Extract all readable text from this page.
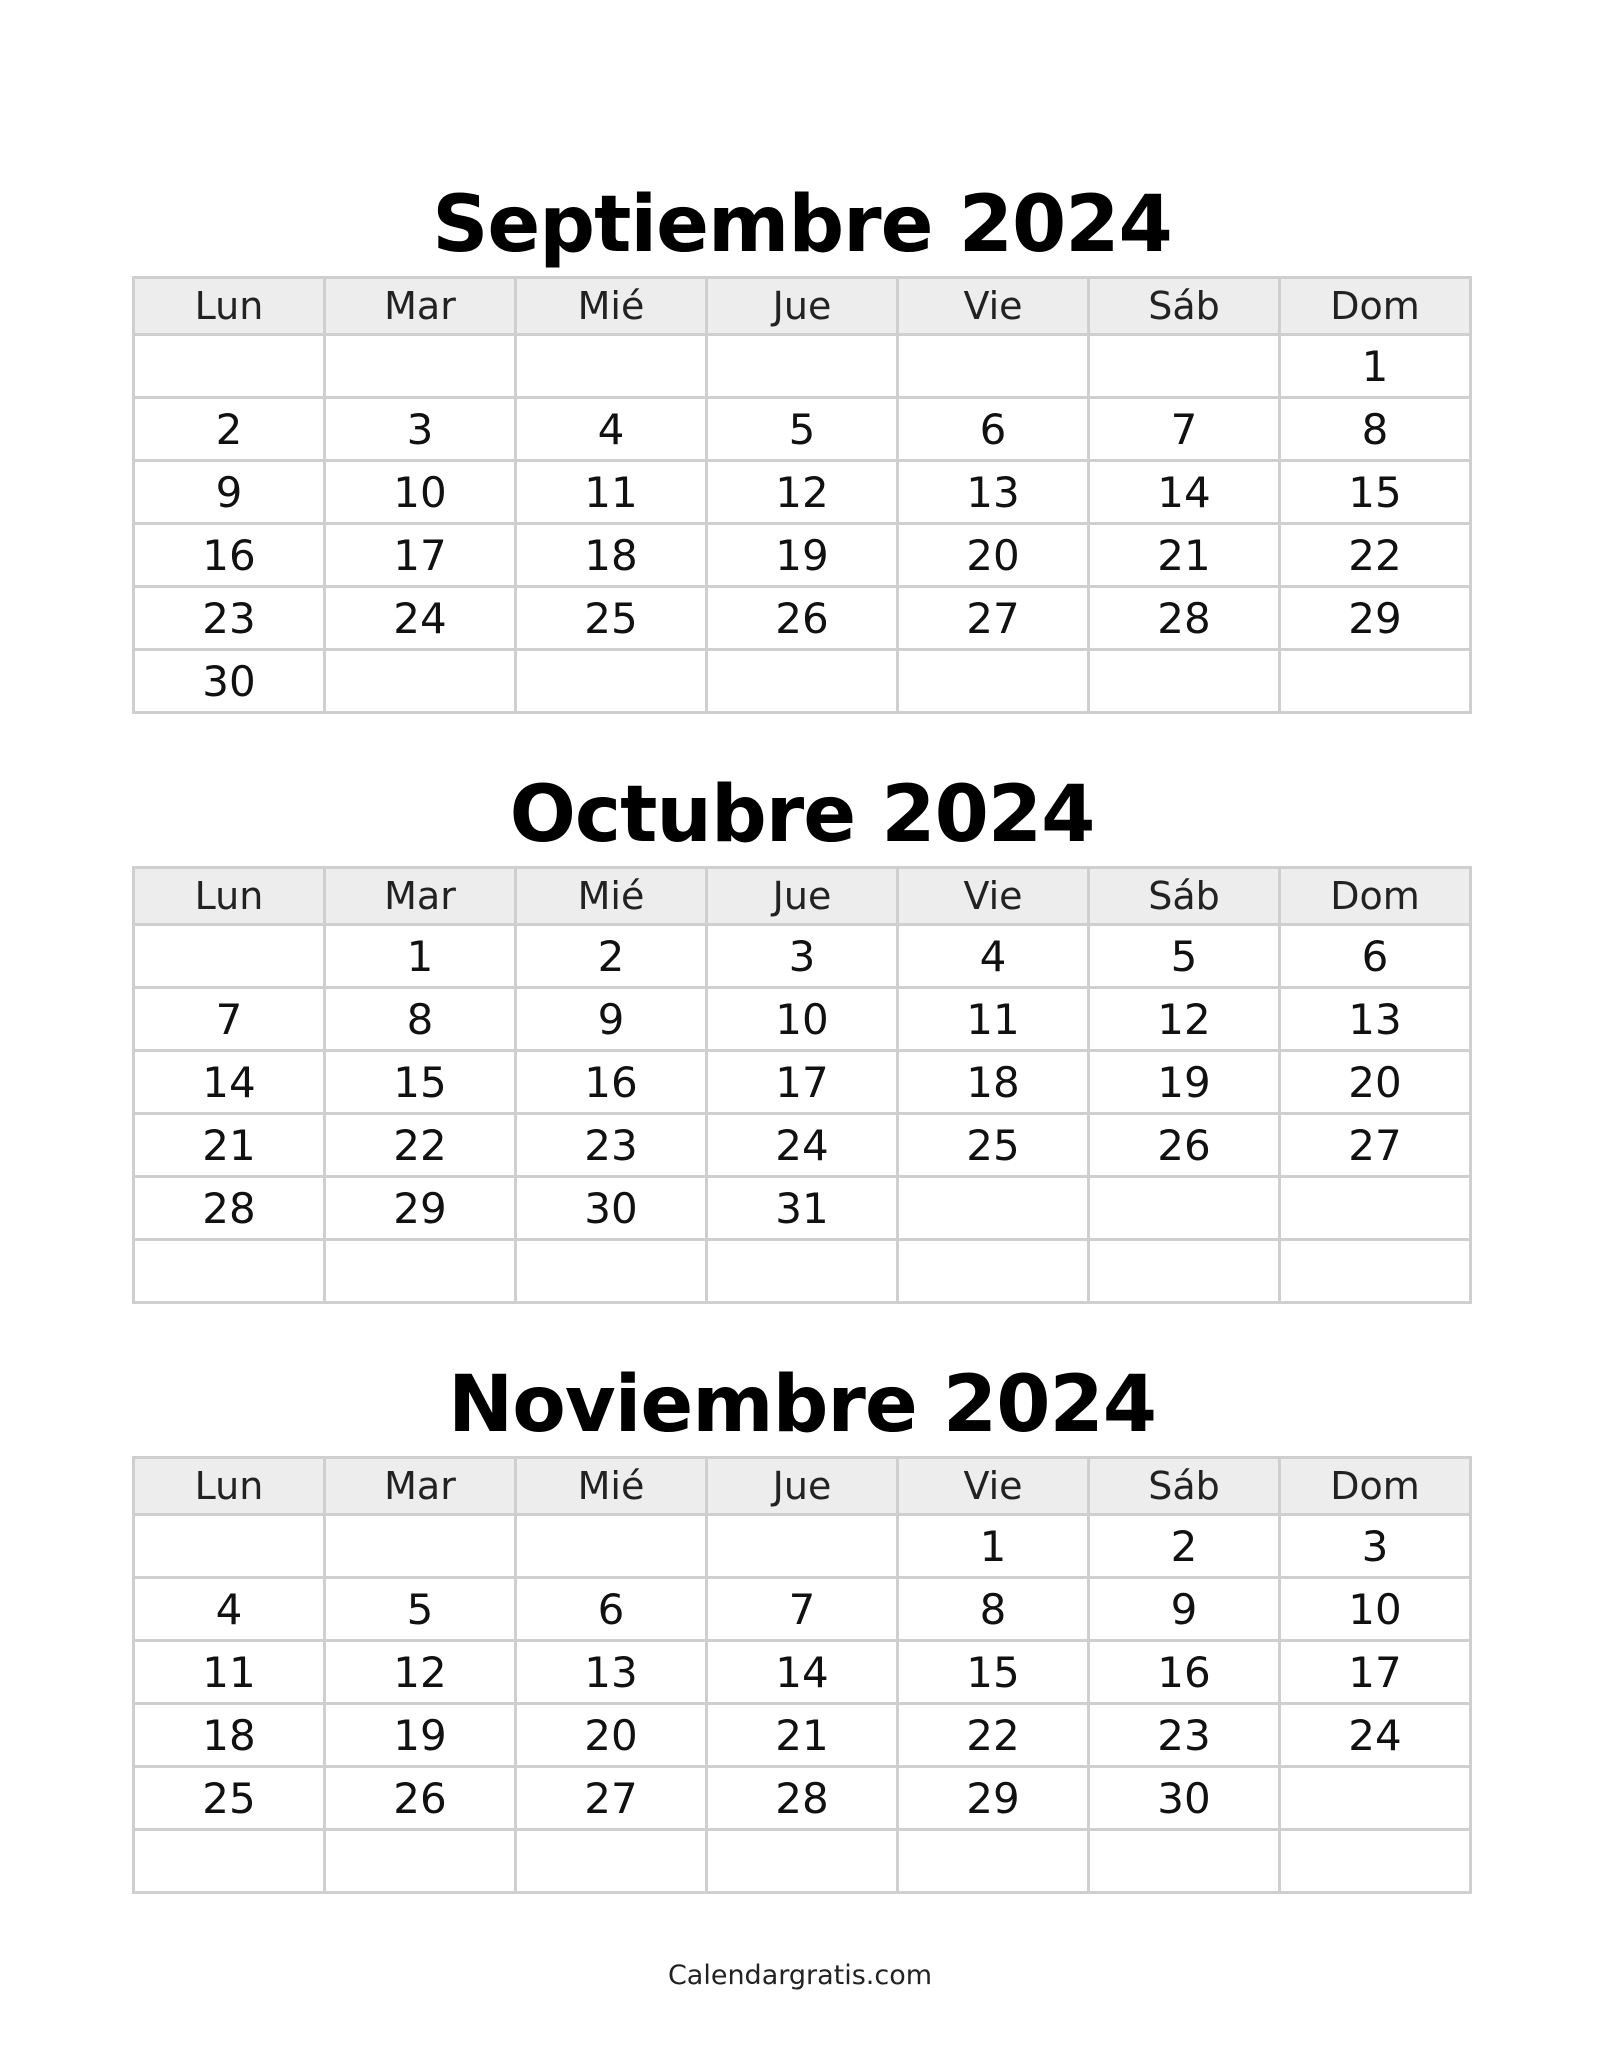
Septiembre 2024
Lun	Mar	Mié	Jue	Vie	Sáb	Dom
						1
2	3	4	5	6	7	8
9	10	11	12	13	14	15
16	17	18	19	20	21	22
23	24	25	26	27	28	29
30						
Octubre 2024
Lun	Mar	Mié	Jue	Vie	Sáb	Dom
	1	2	3	4	5	6
7	8	9	10	11	12	13
14	15	16	17	18	19	20
21	22	23	24	25	26	27
28	29	30	31			

Noviembre 2024
Lun	Mar	Mié	Jue	Vie	Sáb	Dom
				1	2	3
4	5	6	7	8	9	10
11	12	13	14	15	16	17
18	19	20	21	22	23	24
25	26	27	28	29	30	

Calendargratis.com
